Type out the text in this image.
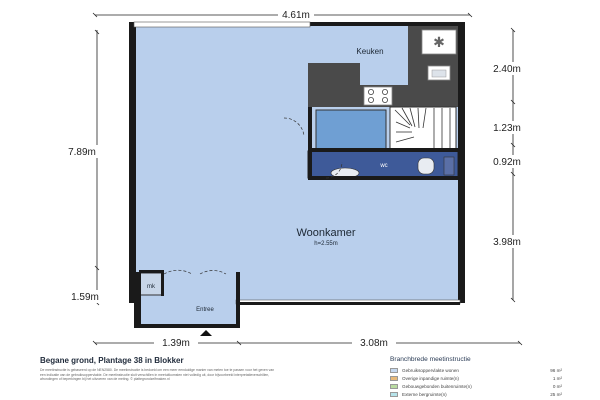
✱
4.61m
7.89m
1.59m
2.40m
1.23m
0.92m
3.98m
1.39m	3.08m
Keuken
Woonkamer
h=2.55m
wc
mk
Entree
Begane grond, Plantage 38 in Blokker
De meetinstructie is gebaseerd op de NEN2580. De meetinstructie is bedoeld om een meer eenduidige manier van meten toe te passen voor het geven van een indicatie van de gebruiksoppervlakte. De meetinstructie sluit verschillen in meetuitkomsten niet volledig uit, door bijvoorbeeld interpretatieverschillen, afrondingen of beperkingen bij het uitvoeren van de meting. © plattegrondzelfmaken.nl
Branchbrede meetinstructie
Gebruiksoppervlakte wonen	96 m²
Overige inpandige ruimte(n)	1 m²
Gebouwgebonden buitenruimte(n)	0 m²
Externe bergruimte(n)	25 m²
